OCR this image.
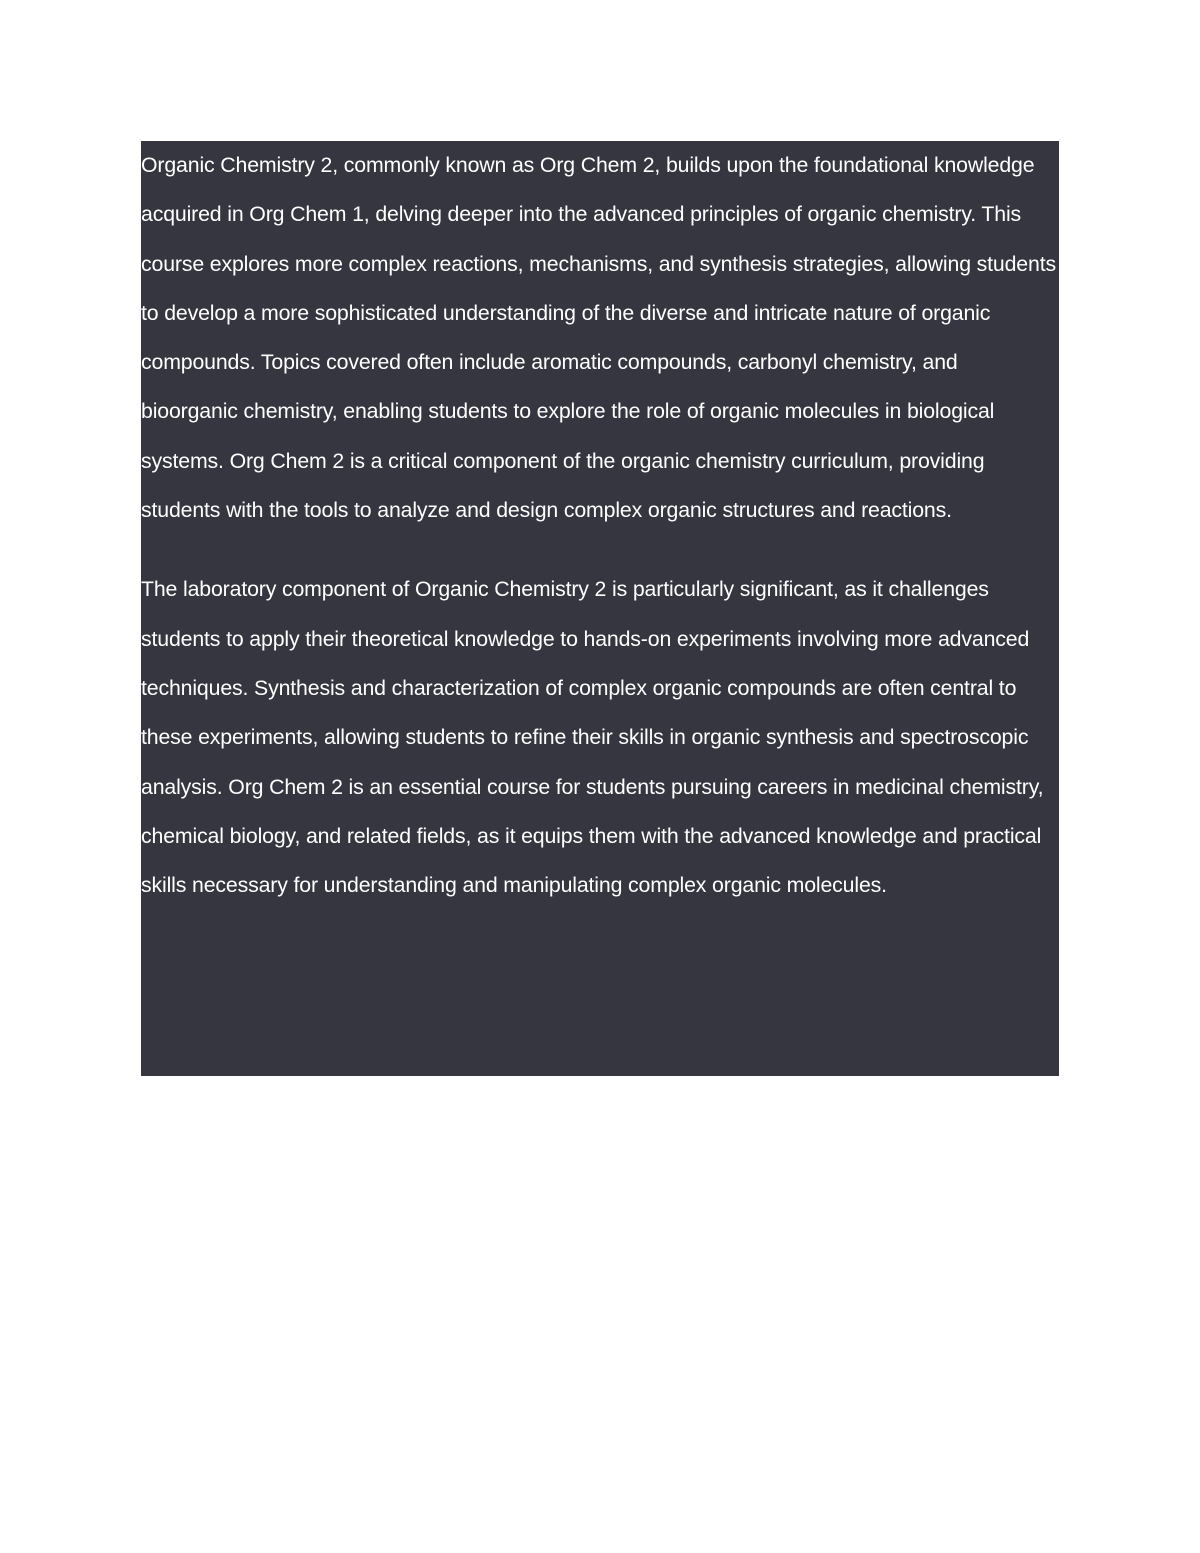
Organic Chemistry 2, commonly known as Org Chem 2, builds upon the foundational knowledge acquired in Org Chem 1, delving deeper into the advanced principles of organic chemistry. This course explores more complex reactions, mechanisms, and synthesis strategies, allowing students to develop a more sophisticated understanding of the diverse and intricate nature of organic compounds. Topics covered often include aromatic compounds, carbonyl chemistry, and bioorganic chemistry, enabling students to explore the role of organic molecules in biological systems. Org Chem 2 is a critical component of the organic chemistry curriculum, providing students with the tools to analyze and design complex organic structures and reactions.

The laboratory component of Organic Chemistry 2 is particularly significant, as it challenges students to apply their theoretical knowledge to hands-on experiments involving more advanced techniques. Synthesis and characterization of complex organic compounds are often central to these experiments, allowing students to refine their skills in organic synthesis and spectroscopic analysis. Org Chem 2 is an essential course for students pursuing careers in medicinal chemistry, chemical biology, and related fields, as it equips them with the advanced knowledge and practical skills necessary for understanding and manipulating complex organic molecules.
